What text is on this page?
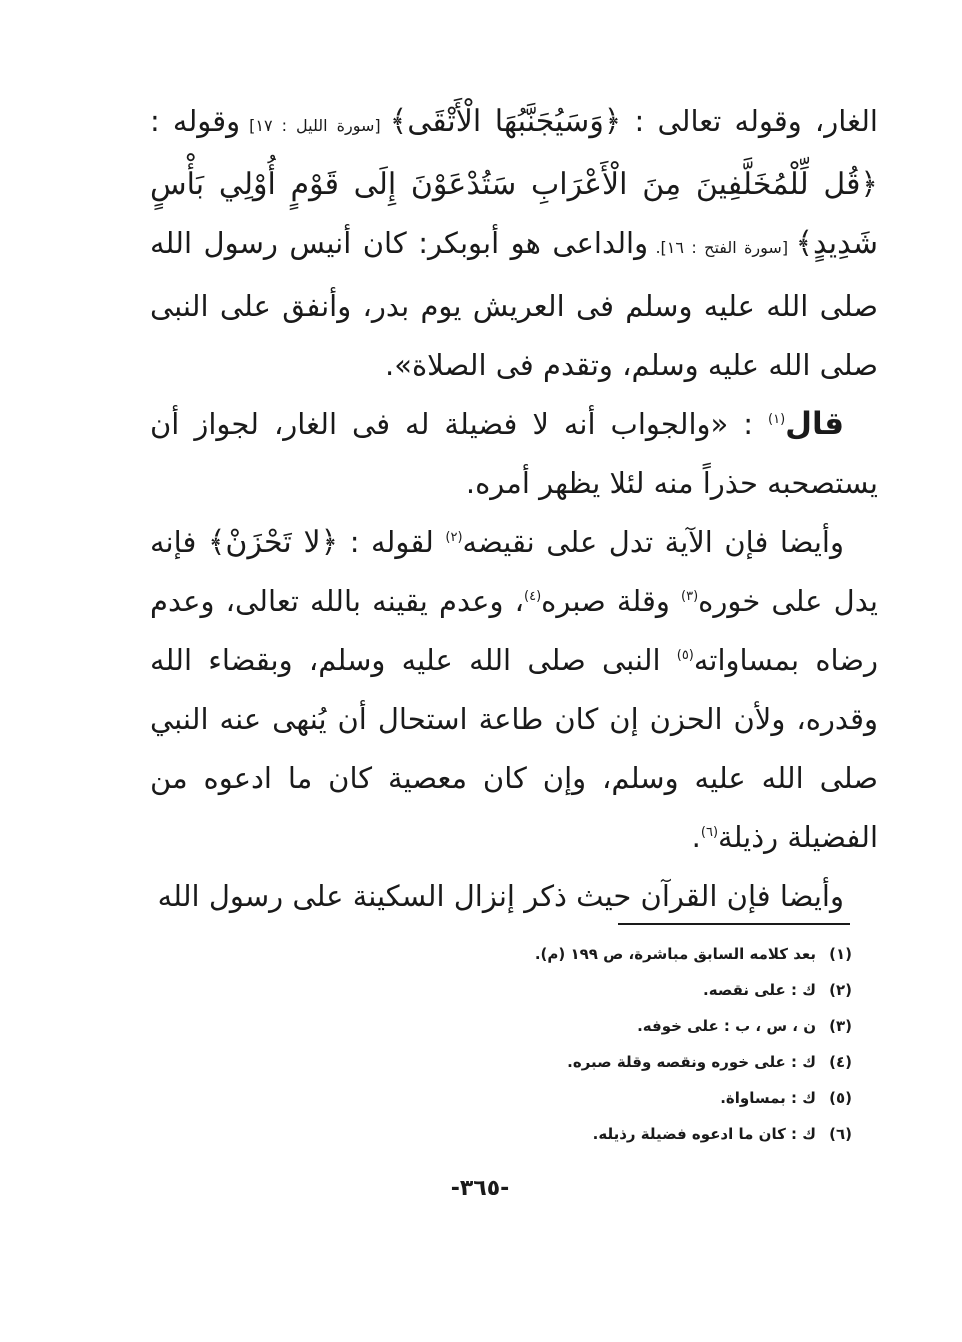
الغار، وقوله تعالى : ﴿وَسَيُجَنَّبُهَا الْأَتْقَى﴾ [سورة الليل : ١٧] وقوله : ﴿قُل لِّلْمُخَلَّفِينَ مِنَ الْأَعْرَابِ سَتُدْعَوْنَ إِلَى قَوْمٍ أُوْلِي بَأْسٍ شَدِيدٍ﴾ [سورة الفتح : ١٦]. والداعى هو أبوبكر: كان أنيس رسول الله صلى الله عليه وسلم فى العريش يوم بدر، وأنفق على النبى صلى الله عليه وسلم، وتقدم فى الصلاة».

قال$^{(١)}$ : «والجواب أنه لا فضيلة له فى الغار، لجواز أن يستصحبه حذراً منه لئلا يظهر أمره.

وأيضا فإن الآية تدل على نقيضه$^{(٢)}$ لقوله : ﴿لا تَحْزَنْ﴾ فإنه يدل على خوره$^{(٣)}$ وقلة صبره$^{(٤)}$، وعدم يقينه بالله تعالى، وعدم رضاه بمساواته$^{(٥)}$ النبى صلى الله عليه وسلم، وبقضاء الله وقدره، ولأن الحزن إن كان طاعة استحال أن يُنهى عنه النبي صلى الله عليه وسلم، وإن كان معصية كان ما ادعوه من الفضيلة رذيلة$^{(٦)}$.

وأيضا فإن القرآن حيث ذكر إنزال السكينة على رسول الله

(١)
بعد كلامه السابق مباشرة، ص ١٩٩ (م).
(٢)
ك : على نقصه.
(٣)
ن ، س ، ب : على خوفه.
(٤)
ك : على خوره ونقصه وقلة صبره.
(٥)
ك : بمساواة.
(٦)
ك : كان ما ادعوه فضيلة رذيله.
-٣٦٥-
